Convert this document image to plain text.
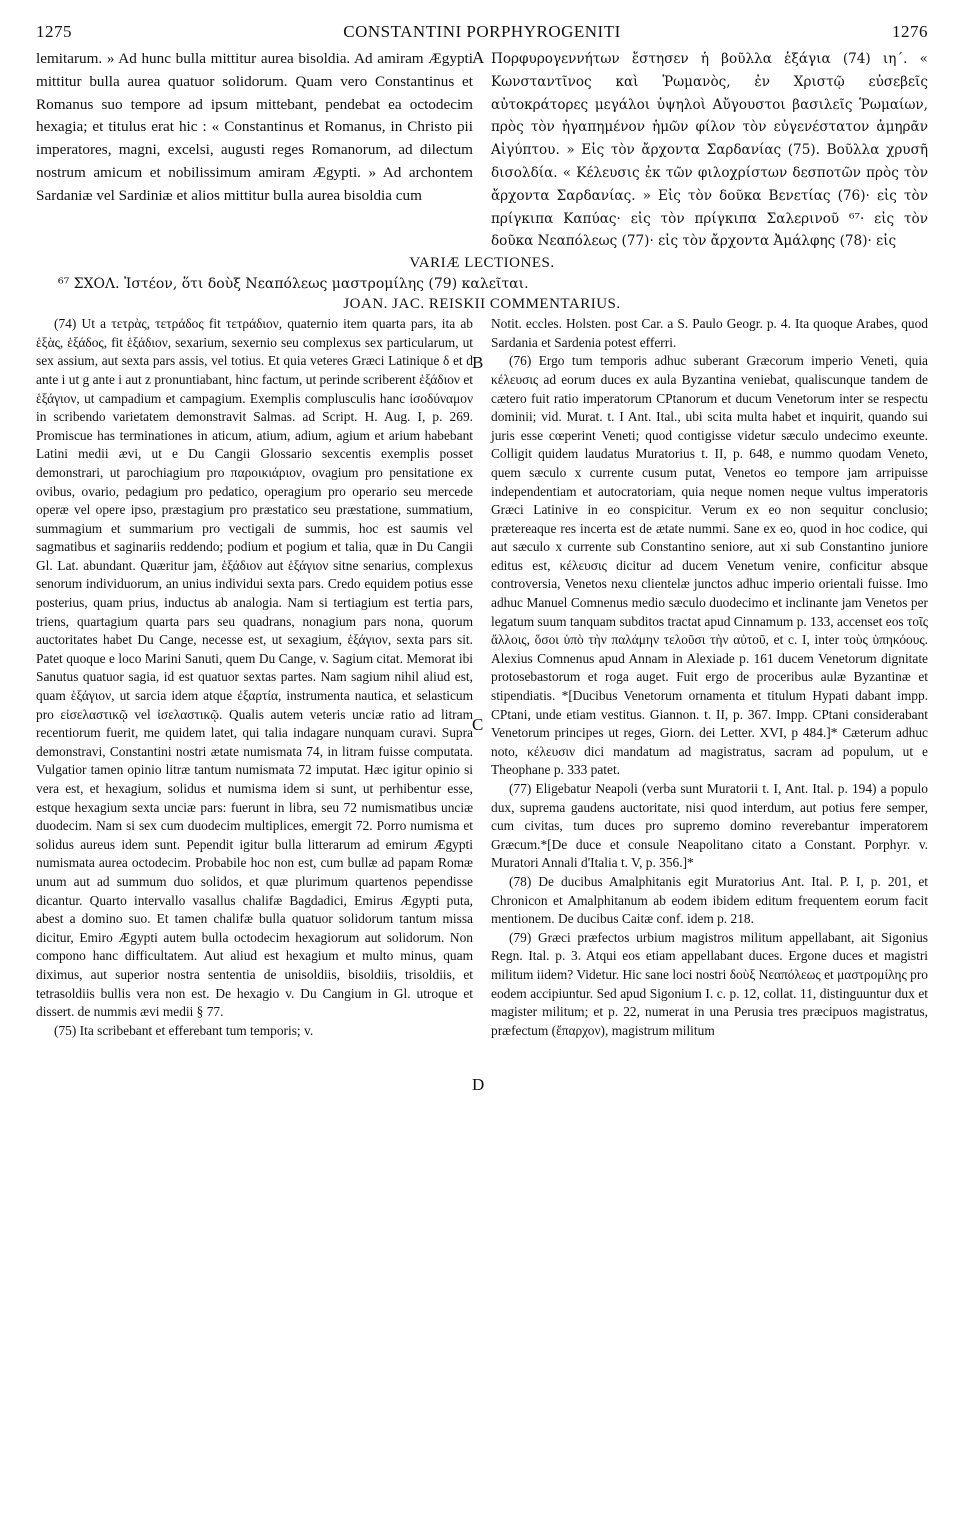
1275	CONSTANTINI PORPHYROGENITI	1276

lemitarum. » Ad hunc bulla mittitur aurea bisoldia. Ad amiram Ægypti mittitur bulla aurea quatuor solidorum. Quam vero Constantinus et Romanus suo tempore ad ipsum mittebant, pendebat ea octodecim hexagia; et titulus erat hic : « Constantinus et Romanus, in Christo pii imperatores, magni, excelsi, augusti reges Romanorum, ad dilectum nostrum amicum et nobilissimum amiram Ægypti. » Ad archontem Sardaniæ vel Sardiniæ et alios mittitur bulla aurea bisoldia cum

A Πορφυρογεννήτων ἔστησεν ἡ βοῦλλα ἑξάγια (74) ιη΄. « Κωνσταντῖνος καὶ Ῥωμανὸς, ἐν Χριστῷ εὐσεβεῖς αὐτοκράτορες μεγάλοι ὑψηλοὶ Αὔγουστοι βασιλεῖς Ῥωμαίων, πρὸς τὸν ἠγαπημένον ἡμῶν φίλον τὸν εὐγενέστατον ἀμηρᾶν Αἰγύπτου. » Εἰς τὸν ἄρχοντα Σαρδανίας (75). Βοῦλλα χρυσῆ δισολδία. « Κέλευσις ἐκ τῶν φιλοχρίστων δεσποτῶν πρὸς τὸν ἄρχοντα Σαρδανίας. » Εἰς τὸν δοῦκα Βενετίας (76)· εἰς τὸν πρίγκιπα Καπύας· εἰς τὸν πρίγκιπα Σαλερινοῦ ⁶⁷· εἰς τὸν δοῦκα Νεαπόλεως (77)· εἰς τὸν ἄρχοντα Ἀμάλφης (78)· εἰς

VARIÆ LECTIONES.
⁶⁷ ΣΧΟΛ. Ἰστέον, ὅτι δοὺξ Νεαπόλεως μαστρομίλης (79) καλεῖται.
JOAN. JAC. REISKII COMMENTARIUS.

(74) Ut a τετρὰς, τετράδος fit τετράδιον, quaternio item quarta pars, ita ab ἑξὰς, ἑξάδος, fit ἑξάδιον, sexarium, sexernio seu complexus sex particularum, ut sex assium, aut sexta pars assis, vel totius. Et quia veteres Græci Latinique δ et d ante i ut g ante i aut z pronuntiabant, hinc factum, ut perinde scriberent ἑξάδιον et ἑξάγιον, ut campadium et campagium. Exemplis complusculis hanc ἰσοδύναμον in scribendo varietatem demonstravit Salmas. ad Script. H. Aug. I, p. 269. Promiscue has terminationes in aticum, atium, adium, agium et arium habebant Latini medii ævi, ut e Du Cangii Glossario sexcentis exemplis posset demonstrari, ut parochiagium pro παροικιάριον, ovagium pro pensitatione ex ovibus, ovario, pedagium pro pedatico, operagium pro operario seu mercede operæ vel opere ipso, præstagium pro præstatico seu præstatione, summatium, summagium et summarium pro vectigali de summis, hoc est saumis vel sagmatibus et saginariis reddendo; podium et pogium et talia, quæ in Du Cangii Gl. Lat. abundant. Quæritur jam, ἑξάδιον aut ἑξάγιον sitne senarius, complexus senorum individuorum, an unius individui sexta pars. Credo equidem potius esse posterius, quam prius, inductus ab analogia. Nam si tertiagium est tertia pars, triens, quartagium quarta pars seu quadrans, nonagium pars nona, quorum auctoritates habet Du Cange, necesse est, ut sexagium, ἑξάγιον, sexta pars sit. Patet quoque e loco Marini Sanuti, quem Du Cange, v. Sagium citat. Memorat ibi Sanutus quatuor sagia, id est quatuor sextas partes. Nam sagium nihil aliud est, quam ἑξάγιον, ut sarcia idem atque ἐξαρτία, instrumenta nautica, et selasticum pro εἰσελαστικῷ vel ἰσελαστικῷ. Qualis autem veteris unciæ ratio ad litram recentiorum fuerit, me quidem latet, qui talia indagare nunquam curavi. Supra demonstravi, Constantini nostri ætate numismata 74, in litram fuisse computata. Vulgatior tamen opinio litræ tantum numismata 72 imputat. Hæc igitur opinio si vera est, et hexagium, solidus et numisma idem si sunt, ut perhibentur esse, estque hexagium sexta unciæ pars: fuerunt in libra, seu 72 numismatibus unciæ duodecim. Nam si sex cum duodecim multiplices, emergit 72. Porro numisma et solidus aureus idem sunt. Pependit igitur bulla litterarum ad emirum Ægypti numismata aurea octodecim. Probabile hoc non est, cum bullæ ad papam Romæ unum aut ad summum duo solidos, et quæ plurimum quartenos pependisse dicantur. Quarto intervallo vasallus chalifæ Bagdadici, Emirus Ægypti puta, abest a domino suo. Et tamen chalifæ bulla quatuor solidorum tantum missa dicitur, Emiro Ægypti autem bulla octodecim hexagiorum aut solidorum. Non compono hanc difficultatem. Aut aliud est hexagium et multo minus, quam diximus, aut superior nostra sententia de unisoldiis, bisoldiis, trisoldiis, et tetrasoldiis bullis vera non est. De hexagio v. Du Cangium in Gl. utroque et dissert. de nummis ævi medii § 77.

(75) Ita scribebant et efferebant tum temporis; v.

B
C
D

Notit. eccles. Holsten. post Car. a S. Paulo Geogr. p. 4. Ita quoque Arabes, quod Sardania et Sardenia potest efferri.

(76) Ergo tum temporis adhuc suberant Græcorum imperio Veneti, quia κέλευσις ad eorum duces ex aula Byzantina veniebat, qualiscunque tandem de cætero fuit ratio imperatorum CPtanorum et ducum Venetorum inter se respectu dominii; vid. Murat. t. I Ant. Ital., ubi scita multa habet et inquirit, quando sui juris esse cœperint Veneti; quod contigisse videtur sæculo undecimo exeunte. Colligit quidem laudatus Muratorius t. II, p. 648, e nummo quodam Veneto, quem sæculo x currente cusum putat, Venetos eo tempore jam arripuisse independentiam et autocratoriam, quia neque nomen neque vultus imperatoris Græci Latinive in eo conspicitur. Verum ex eo non sequitur conclusio; prætereaque res incerta est de ætate nummi. Sane ex eo, quod in hoc codice, qui aut sæculo x currente sub Constantino seniore, aut xi sub Constantino juniore editus est, κέλευσις dicitur ad ducem Venetum venire, conficitur absque controversia, Venetos nexu clientelæ junctos adhuc imperio orientali fuisse. Imo adhuc Manuel Comnenus medio sæculo duodecimo et inclinante jam Venetos per legatum suum tanquam subditos tractat apud Cinnamum p. 133, accenset eos τοῖς ἄλλοις, ὅσοι ὑπὸ τὴν παλάμην τελοῦσι τὴν αὐτοῦ, et c. I, inter τοὺς ὑπηκόους. Alexius Comnenus apud Annam in Alexiade p. 161 ducem Venetorum dignitate protosebastorum et roga auget. Fuit ergo de proceribus aulæ Byzantinæ et stipendiatis. *[Ducibus Venetorum ornamenta et titulum Hypati dabant impp. CPtani, unde etiam vestitus. Giannon. t. II, p. 367. Impp. CPtani considerabant Venetorum principes ut reges, Giorn. dei Letter. XVI, p 484.]* Cæterum adhuc noto, κέλευσιν dici mandatum ad magistratus, sacram ad populum, ut e Theophane p. 333 patet.

(77) Eligebatur Neapoli (verba sunt Muratorii t. I, Ant. Ital. p. 194) a populo dux, suprema gaudens auctoritate, nisi quod interdum, aut potius fere semper, cum civitas, tum duces pro supremo domino reverebantur imperatorem Græcum.*[De duce et consule Neapolitano citato a Constant. Porphyr. v. Muratori Annali d'Italia t. V, p. 356.]*

(78) De ducibus Amalphitanis egit Muratorius Ant. Ital. P. I, p. 201, et Chronicon et Amalphitanum ab eodem ibidem editum frequentem eorum facit mentionem. De ducibus Caitæ conf. idem p. 218.

(79) Græci præfectos urbium magistros militum appellabant, ait Sigonius Regn. Ital. p. 3. Atqui eos etiam appellabant duces. Ergone duces et magistri militum iidem? Videtur. Hic sane loci nostri δοὺξ Νεαπόλεως et μαστρομίλης pro eodem accipiuntur. Sed apud Sigonium I. c. p. 12, collat. 11, distinguuntur dux et magister militum; et p. 22, numerat in una Perusia tres præcipuos magistratus, præfectum (ἔπαρχον), magistrum militum
